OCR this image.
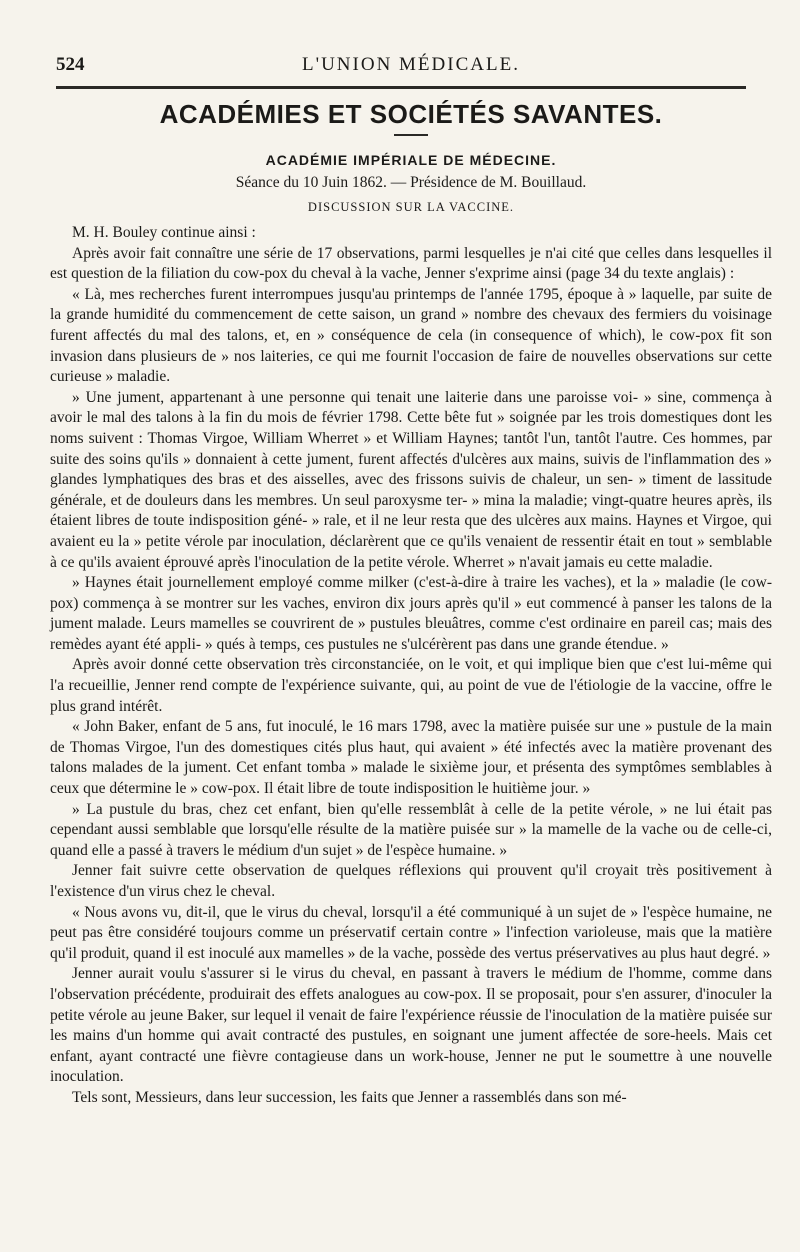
524	L'UNION MÉDICALE.
ACADÉMIES ET SOCIÉTÉS SAVANTES.
ACADÉMIE IMPÉRIALE DE MÉDECINE.
Séance du 10 Juin 1862. — Présidence de M. Bouillaud.
DISCUSSION SUR LA VACCINE.

M. H. Bouley continue ainsi :

Après avoir fait connaître une série de 17 observations, parmi lesquelles je n'ai cité que celles dans lesquelles il est question de la filiation du cow-pox du cheval à la vache, Jenner s'exprime ainsi (page 34 du texte anglais) :

« Là, mes recherches furent interrompues jusqu'au printemps de l'année 1795, époque à » laquelle, par suite de la grande humidité du commencement de cette saison, un grand » nombre des chevaux des fermiers du voisinage furent affectés du mal des talons, et, en » conséquence de cela (in consequence of which), le cow-pox fit son invasion dans plusieurs de » nos laiteries, ce qui me fournit l'occasion de faire de nouvelles observations sur cette curieuse » maladie.

» Une jument, appartenant à une personne qui tenait une laiterie dans une paroisse voi- » sine, commença à avoir le mal des talons à la fin du mois de février 1798. Cette bête fut » soignée par les trois domestiques dont les noms suivent : Thomas Virgoe, William Wherret » et William Haynes; tantôt l'un, tantôt l'autre. Ces hommes, par suite des soins qu'ils » donnaient à cette jument, furent affectés d'ulcères aux mains, suivis de l'inflammation des » glandes lymphatiques des bras et des aisselles, avec des frissons suivis de chaleur, un sen- » timent de lassitude générale, et de douleurs dans les membres. Un seul paroxysme ter- » mina la maladie; vingt-quatre heures après, ils étaient libres de toute indisposition géné- » rale, et il ne leur resta que des ulcères aux mains. Haynes et Virgoe, qui avaient eu la » petite vérole par inoculation, déclarèrent que ce qu'ils venaient de ressentir était en tout » semblable à ce qu'ils avaient éprouvé après l'inoculation de la petite vérole. Wherret » n'avait jamais eu cette maladie.

» Haynes était journellement employé comme milker (c'est-à-dire à traire les vaches), et la » maladie (le cow-pox) commença à se montrer sur les vaches, environ dix jours après qu'il » eut commencé à panser les talons de la jument malade. Leurs mamelles se couvrirent de » pustules bleuâtres, comme c'est ordinaire en pareil cas; mais des remèdes ayant été appli- » qués à temps, ces pustules ne s'ulcérèrent pas dans une grande étendue. »

Après avoir donné cette observation très circonstanciée, on le voit, et qui implique bien que c'est lui-même qui l'a recueillie, Jenner rend compte de l'expérience suivante, qui, au point de vue de l'étiologie de la vaccine, offre le plus grand intérêt.

« John Baker, enfant de 5 ans, fut inoculé, le 16 mars 1798, avec la matière puisée sur une » pustule de la main de Thomas Virgoe, l'un des domestiques cités plus haut, qui avaient » été infectés avec la matière provenant des talons malades de la jument. Cet enfant tomba » malade le sixième jour, et présenta des symptômes semblables à ceux que détermine le » cow-pox. Il était libre de toute indisposition le huitième jour. »

» La pustule du bras, chez cet enfant, bien qu'elle ressemblât à celle de la petite vérole, » ne lui était pas cependant aussi semblable que lorsqu'elle résulte de la matière puisée sur » la mamelle de la vache ou de celle-ci, quand elle a passé à travers le médium d'un sujet » de l'espèce humaine. »

Jenner fait suivre cette observation de quelques réflexions qui prouvent qu'il croyait très positivement à l'existence d'un virus chez le cheval.

« Nous avons vu, dit-il, que le virus du cheval, lorsqu'il a été communiqué à un sujet de » l'espèce humaine, ne peut pas être considéré toujours comme un préservatif certain contre » l'infection varioleuse, mais que la matière qu'il produit, quand il est inoculé aux mamelles » de la vache, possède des vertus préservatives au plus haut degré. »

Jenner aurait voulu s'assurer si le virus du cheval, en passant à travers le médium de l'homme, comme dans l'observation précédente, produirait des effets analogues au cow-pox. Il se proposait, pour s'en assurer, d'inoculer la petite vérole au jeune Baker, sur lequel il venait de faire l'expérience réussie de l'inoculation de la matière puisée sur les mains d'un homme qui avait contracté des pustules, en soignant une jument affectée de sore-heels. Mais cet enfant, ayant contracté une fièvre contagieuse dans un work-house, Jenner ne put le soumettre à une nouvelle inoculation.

Tels sont, Messieurs, dans leur succession, les faits que Jenner a rassemblés dans son mé-
